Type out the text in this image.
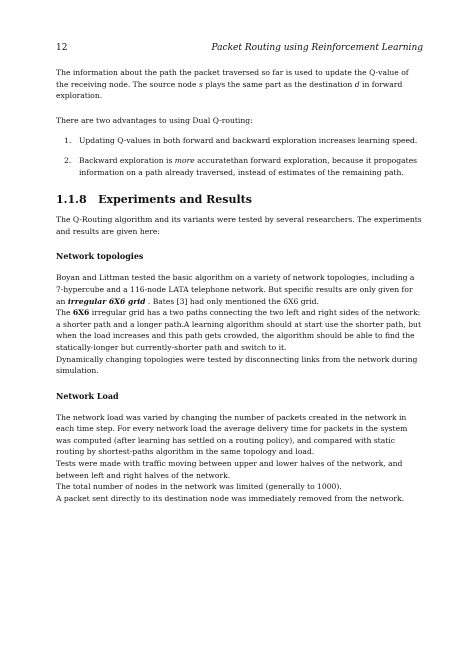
12	Packet Routing using Reinforcement Learning

The information about the path the packet traversed so far is used to update the Q-value of the receiving node. The source node s plays the same part as the destination d in forward exploration.

There are two advantages to using Dual Q-routing:

1. Updating Q-values in both forward and backward exploration increases learning speed.
2. Backward exploration is more accuratethan forward exploration, because it propogates information on a path already traversed, instead of estimates of the remaining path.
1.1.8 Experiments and Results

The Q-Routing algorithm and its variants were tested by several researchers. The experiments and results are given here:

Network topologies

Boyan and Littman tested the basic algorithm on a variety of network topologies, including a 7-hypercube and a 116-node LATA telephone network. But specific results are only given for an irregular 6X6 grid . Bates [3] had only mentioned the 6X6 grid.

The 6X6 irregular grid has a two paths connecting the two left and right sides of the network: a shorter path and a longer path.A learning algorithm should at start use the shorter path, but when the load increases and this path gets crowded, the algorithm should be able to find the statically-longer but currently-shorter path and switch to it.

Dynamically changing topologies were tested by disconnecting links from the network during simulation.

Network Load

The network load was varied by changing the number of packets created in the network in each time step. For every network load the average delivery time for packets in the system was computed (after learning has settled on a routing policy), and compared with static routing by shortest-paths algorithm in the same topology and load.

Tests were made with traffic moving between upper and lower halves of the network, and between left and right halves of the network.

The total number of nodes in the network was limited (generally to 1000).

A packet sent directly to its destination node was immediately removed from the network.
